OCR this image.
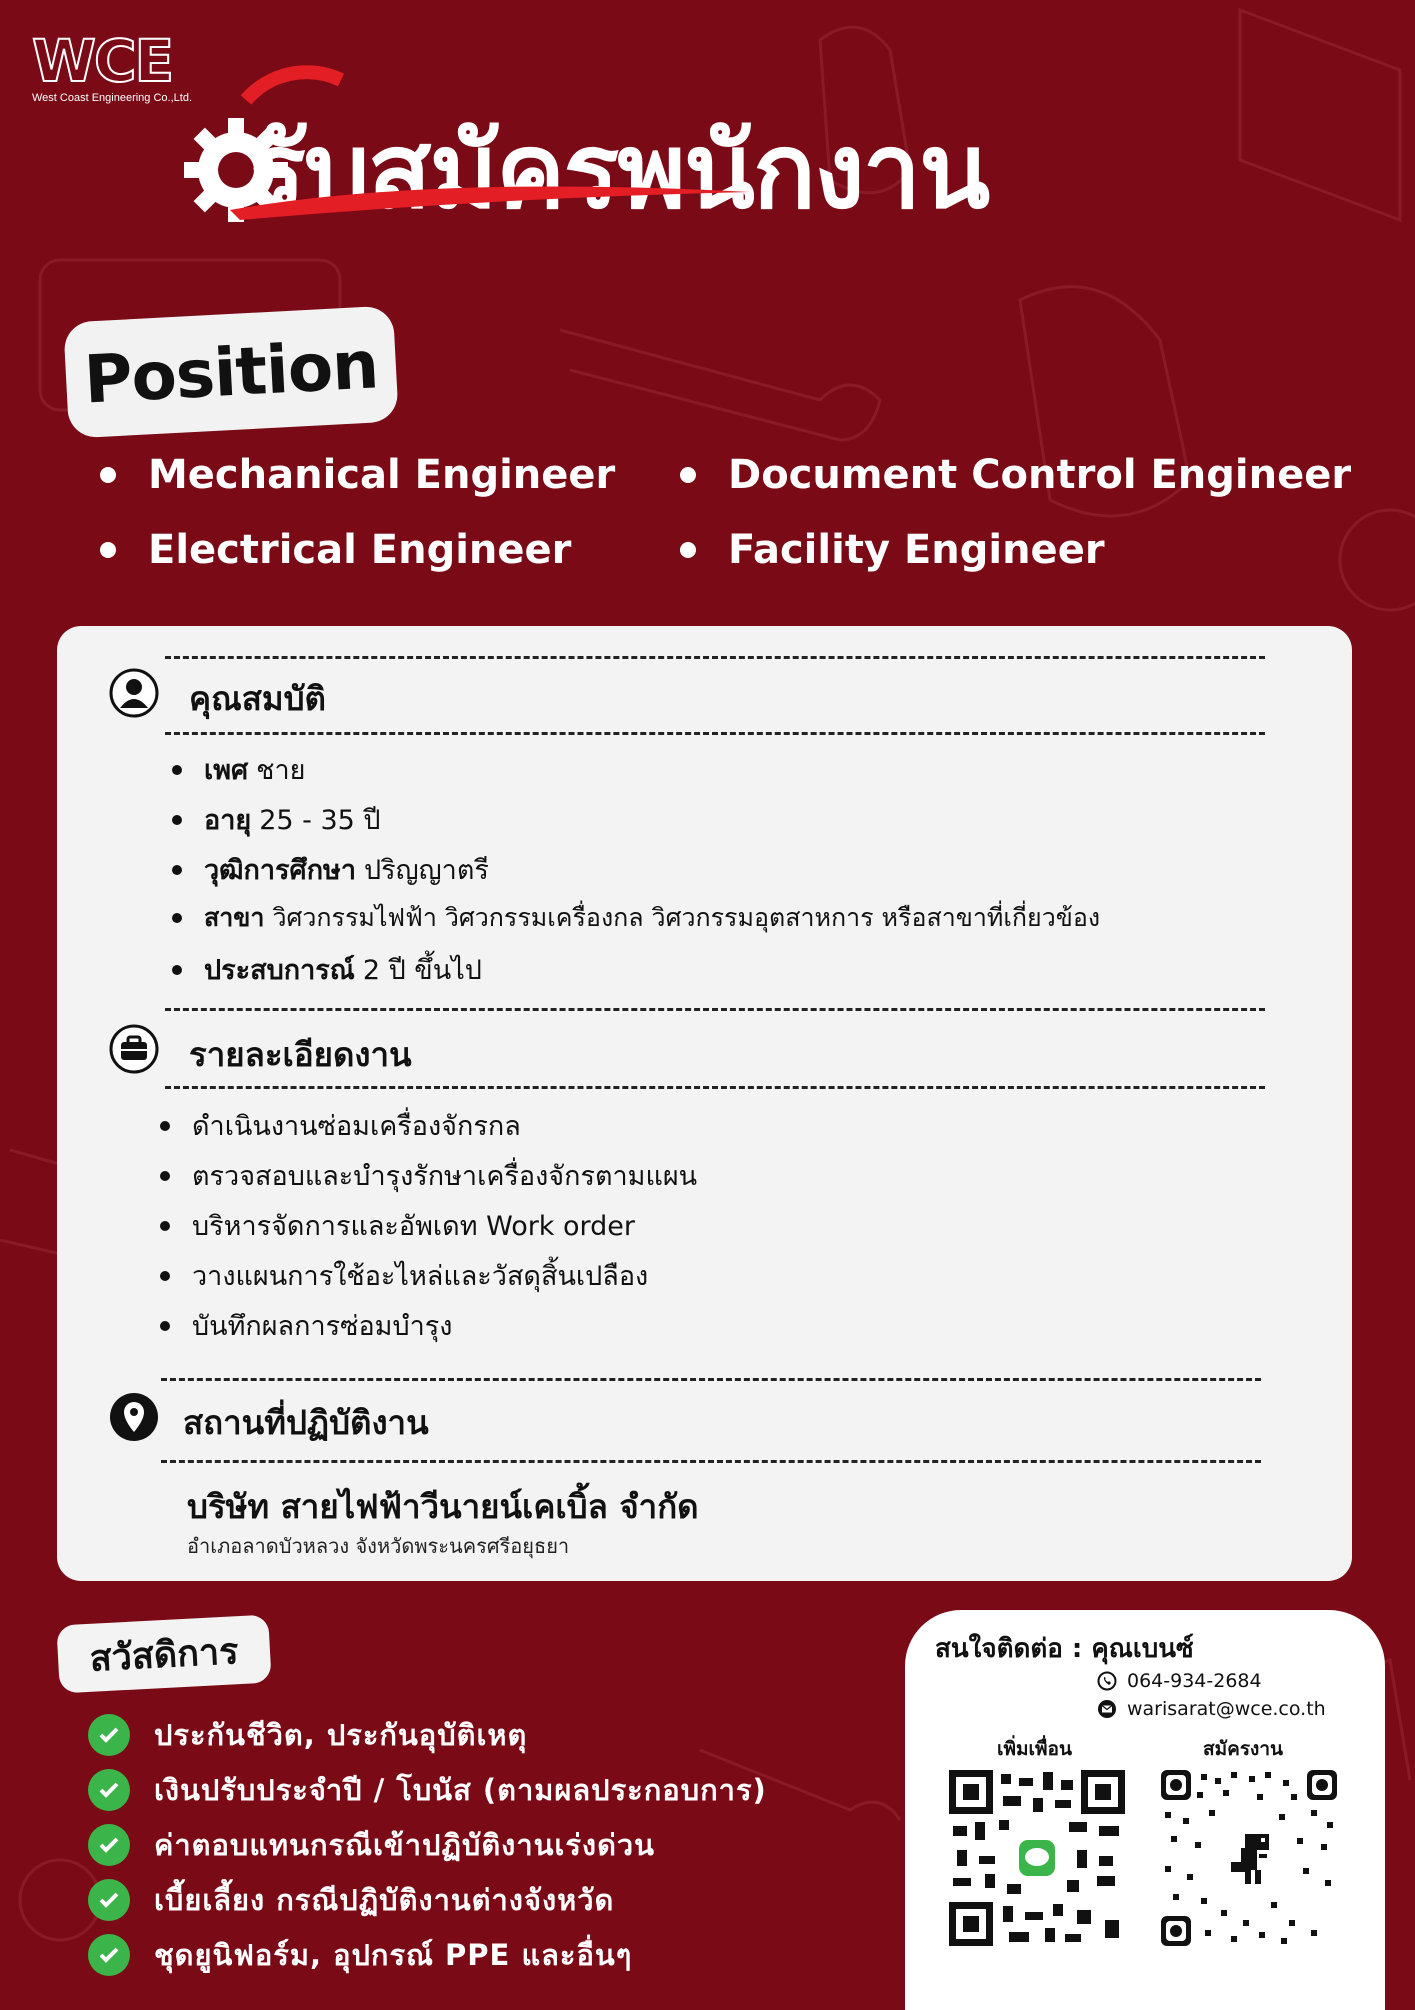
WCE
West Coast Engineering Co.,Ltd.
รับสมัครพนักงาน
Position
Mechanical Engineer	Document Control Engineer
Electrical Engineer	Facility Engineer
คุณสมบัติ
เพศ ชาย
อายุ 25 - 35 ปี
วุฒิการศึกษา ปริญญาตรี
สาขา วิศวกรรมไฟฟ้า วิศวกรรมเครื่องกล วิศวกรรมอุตสาหการ หรือสาขาที่เกี่ยวข้อง
ประสบการณ์ 2 ปี ขึ้นไป
รายละเอียดงาน
ดำเนินงานซ่อมเครื่องจักรกล
ตรวจสอบและบำรุงรักษาเครื่องจักรตามแผน
บริหารจัดการและอัพเดท Work order
วางแผนการใช้อะไหล่และวัสดุสิ้นเปลือง
บันทึกผลการซ่อมบำรุง
สถานที่ปฏิบัติงาน
บริษัท สายไฟฟ้าวีนายน์เคเบิ้ล จำกัด
อำเภอลาดบัวหลวง จังหวัดพระนครศรีอยุธยา
สวัสดิการ
ประกันชีวิต, ประกันอุบัติเหตุ
เงินปรับประจำปี / โบนัส (ตามผลประกอบการ)
ค่าตอบแทนกรณีเข้าปฏิบัติงานเร่งด่วน
เบี้ยเลี้ยง กรณีปฏิบัติงานต่างจังหวัด
ชุดยูนิฟอร์ม, อุปกรณ์ PPE และอื่นๆ
สนใจติดต่อ : คุณเบนซ์
064-934-2684
warisarat@wce.co.th
เพิ่มเพื่อน	สมัครงาน
